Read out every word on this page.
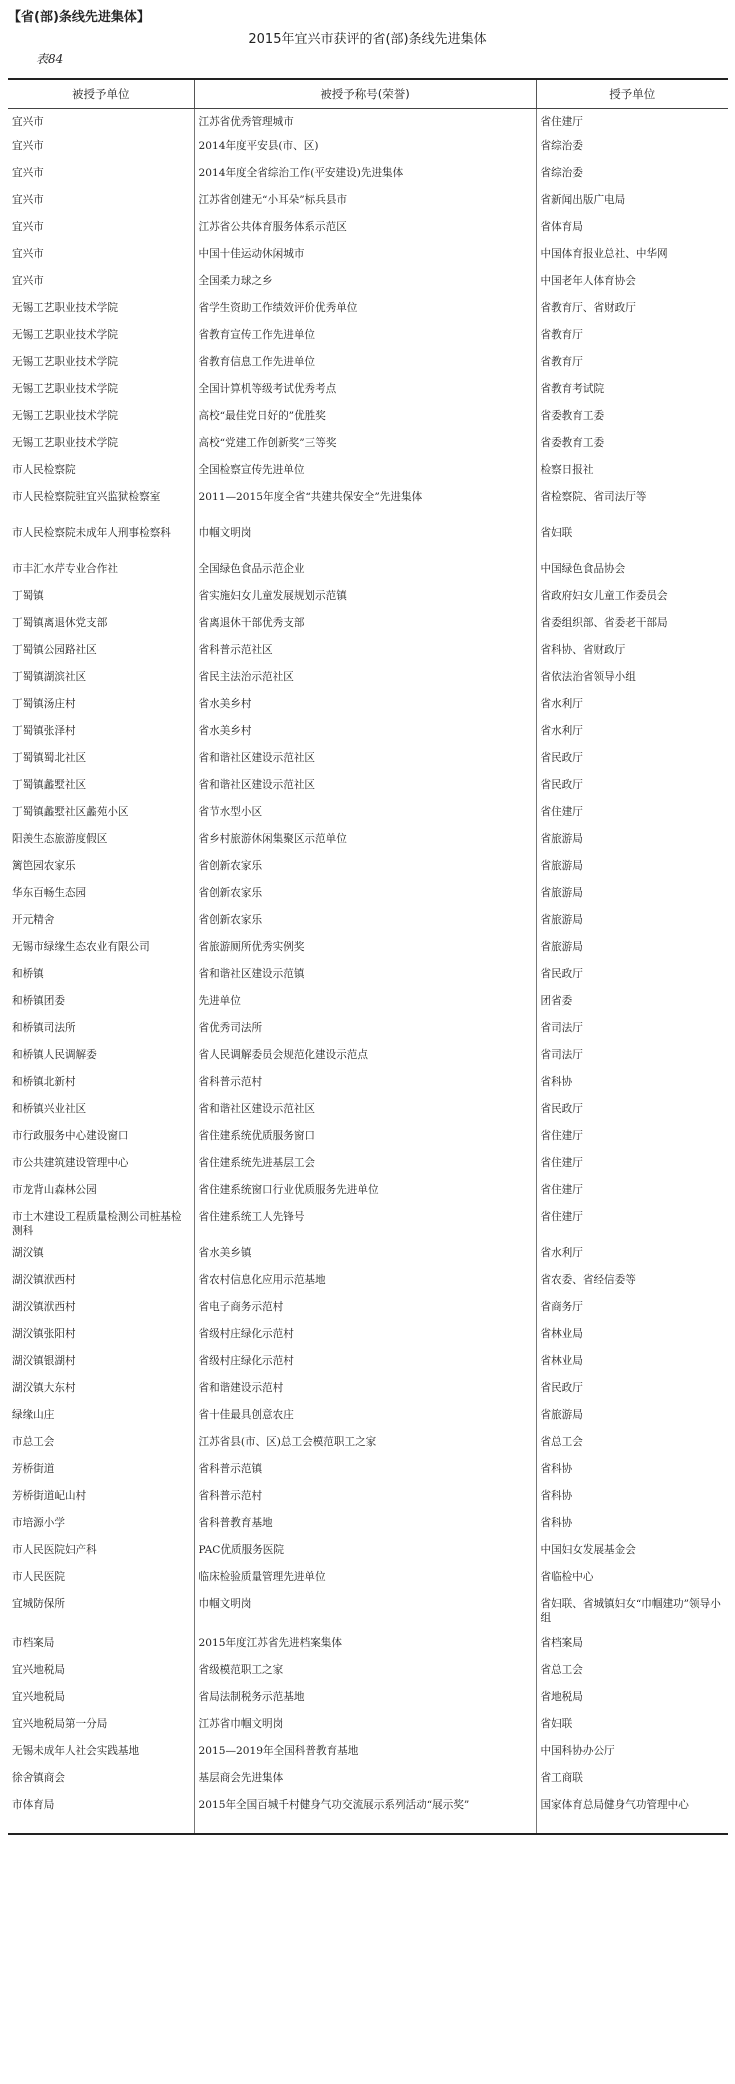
【省(部)条线先进集体】
2015年宜兴市获评的省(部)条线先进集体
表84
被授予单位	被授予称号(荣誉)	授予单位
宜兴市	江苏省优秀管理城市	省住建厅
宜兴市	2014年度平安县(市、区)	省综治委
宜兴市	2014年度全省综治工作(平安建设)先进集体	省综治委
宜兴市	江苏省创建无“小耳朵”标兵县市	省新闻出版广电局
宜兴市	江苏省公共体育服务体系示范区	省体育局
宜兴市	中国十佳运动休闲城市	中国体育报业总社、中华网
宜兴市	全国柔力球之乡	中国老年人体育协会
无锡工艺职业技术学院	省学生资助工作绩效评价优秀单位	省教育厅、省财政厅
无锡工艺职业技术学院	省教育宣传工作先进单位	省教育厅
无锡工艺职业技术学院	省教育信息工作先进单位	省教育厅
无锡工艺职业技术学院	全国计算机等级考试优秀考点	省教育考试院
无锡工艺职业技术学院	高校“最佳党日好的”优胜奖	省委教育工委
无锡工艺职业技术学院	高校“党建工作创新奖”三等奖	省委教育工委
市人民检察院	全国检察宣传先进单位	检察日报社
市人民检察院驻宜兴监狱检察室	2011—2015年度全省“共建共保安全”先进集体	省检察院、省司法厅等
市人民检察院未成年人刑事检察科	巾帼文明岗	省妇联
市丰汇水芹专业合作社	全国绿色食品示范企业	中国绿色食品协会
丁蜀镇	省实施妇女儿童发展规划示范镇	省政府妇女儿童工作委员会
丁蜀镇离退休党支部	省离退休干部优秀支部	省委组织部、省委老干部局
丁蜀镇公园路社区	省科普示范社区	省科协、省财政厅
丁蜀镇湖滨社区	省民主法治示范社区	省依法治省领导小组
丁蜀镇汤庄村	省水美乡村	省水利厅
丁蜀镇张泽村	省水美乡村	省水利厅
丁蜀镇蜀北社区	省和谐社区建设示范社区	省民政厅
丁蜀镇蠡墅社区	省和谐社区建设示范社区	省民政厅
丁蜀镇蠡墅社区蠡苑小区	省节水型小区	省住建厅
阳羡生态旅游度假区	省乡村旅游休闲集聚区示范单位	省旅游局
篱笆园农家乐	省创新农家乐	省旅游局
华东百畅生态园	省创新农家乐	省旅游局
开元精舍	省创新农家乐	省旅游局
无锡市绿缘生态农业有限公司	省旅游厕所优秀实例奖	省旅游局
和桥镇	省和谐社区建设示范镇	省民政厅
和桥镇团委	先进单位	团省委
和桥镇司法所	省优秀司法所	省司法厅
和桥镇人民调解委	省人民调解委员会规范化建设示范点	省司法厅
和桥镇北新村	省科普示范村	省科协
和桥镇兴业社区	省和谐社区建设示范社区	省民政厅
市行政服务中心建设窗口	省住建系统优质服务窗口	省住建厅
市公共建筑建设管理中心	省住建系统先进基层工会	省住建厅
市龙背山森林公园	省住建系统窗口行业优质服务先进单位	省住建厅
市土木建设工程质量检测公司桩基检测科	省住建系统工人先锋号	省住建厅
湖㳇镇	省水美乡镇	省水利厅
湖㳇镇洑西村	省农村信息化应用示范基地	省农委、省经信委等
湖㳇镇洑西村	省电子商务示范村	省商务厅
湖㳇镇张阳村	省级村庄绿化示范村	省林业局
湖㳇镇银湖村	省级村庄绿化示范村	省林业局
湖㳇镇大东村	省和谐建设示范村	省民政厅
绿缘山庄	省十佳最具创意农庄	省旅游局
市总工会	江苏省县(市、区)总工会模范职工之家	省总工会
芳桥街道	省科普示范镇	省科协
芳桥街道屺山村	省科普示范村	省科协
市培源小学	省科普教育基地	省科协
市人民医院妇产科	PAC优质服务医院	中国妇女发展基金会
市人民医院	临床检验质量管理先进单位	省临检中心
宜城防保所	巾帼文明岗	省妇联、省城镇妇女“巾帼建功”领导小组
市档案局	2015年度江苏省先进档案集体	省档案局
宜兴地税局	省级模范职工之家	省总工会
宜兴地税局	省局法制税务示范基地	省地税局
宜兴地税局第一分局	江苏省巾帼文明岗	省妇联
无锡未成年人社会实践基地	2015—2019年全国科普教育基地	中国科协办公厅
徐舍镇商会	基层商会先进集体	省工商联
市体育局	2015年全国百城千村健身气功交流展示系列活动“展示奖”	国家体育总局健身气功管理中心
